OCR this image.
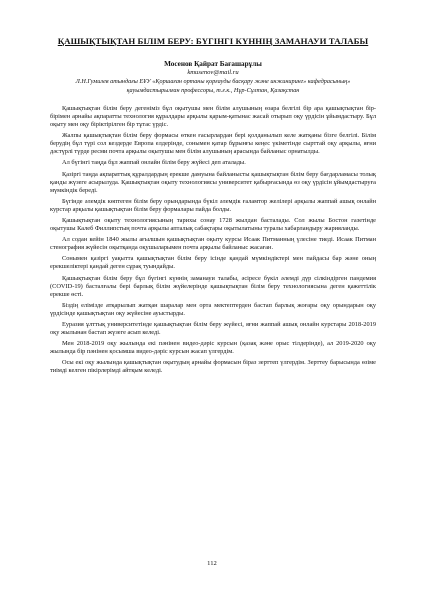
ҚАШЫҚТЫҚТАН БІЛІМ БЕРУ: БҮГІНГІ КҮННІҢ ЗАМАНАУИ ТАЛАБЫ
Мосенов Қайрат Бағашарұлы
kmusenov@mail.ru
Л.Н.Гумилев атындағы ЕҰУ «Қоршаған ортаны қорғауды басқару және инжиниринг» кафедрасының» қауымдастырылған профессоры, т.ғ.к., Нұр-Сұлтан, Қазақстан

Қашықтықтан білім беру дегеніміз бұл оқытушы мен білім алушының өзара белгілі бір ара қашықтықтан бір-бірімен арнайы ақпаратты технология құралдары арқылы қарым-қатынас жасай отырып оқу үрдісін ұйымдастыру. Бұл оқыту мен оқу біріктірілген бір тұтас үрдіс.

Жалпы қашықтықтан білім беру формасы өткен ғасырлардан бері қолданылып келе жатқаны бізге белгілі. Білім берудің бұл түрі сол кездерде Европа елдерінде, сонымен қатар бұрынғы кеңес үкіметінде сырттай оқу арқылы, яғни дәстүрлі түрде ресми почта арқылы оқытушы мен білім алушының арасында байланыс орнатылды.

Ал бүгінгі таңда бұл жаппай онлайн білім беру жүйесі деп аталады.

Қазіргі таңда ақпараттық құралдардың ерекше дамуына байланысты қашықтықтан білім беру бағдарламасы толық қанды жүзеге асырылуда. Қашықтықтан оқыту технологиясы университет қабырғасында өз оқу үрдісін ұйымдастыруға мүмкіндік береді.

Бүгінде әлемдік көптеген білім беру орындарында бүкіл әлемдік ғаламтор желілері арқылы жаппай ашық онлайн курстар арқылы қашықтықтан білім беру формалары пайда болды.

Қашықтықтан оқыту технологиясының тарихы сонау 1728 жылдан басталады. Сол жылы Бостон газетінде оқытушы Калеб Филлипстың почта арқылы апталық сабақтары оқытылатыны туралы хабарландыру жарияланды.

Ал содан кейін 1840 жылы ағылшын қашықтықтан оқыту курсы Исаак Питманның үлесіне тиеді. Исаак Питман стенография жүйесін оқытқанда оқушыларымен почта арқылы байланыс жасаған.

Сонымен қазіргі уақытта қашықтықтан білім беру ісінде қандай мүмкіндіктері мен пайдасы бар және оның ерекшеліктері қандай деген сұрақ туындайды.

Қашықтықтан білім беру бұл бүгінгі күннің заманауи талабы, әсіресе бүкіл әлемді дүр сілкіндірген пандемия (COVID-19) басталғалы бері барлық білім жүйелерінде қашықтықтан білім беру технологиясына деген қажеттілік ерекше өсті.

Біздің елімізде атқарылып жатқан шаралар мен орта мектептерден бастап барлық жоғары оқу орындарын оқу үрдісінде қашықтықтан оқу жүйесіне ауыстырды.

Еуразия ұлттық университетінде қашықтықтан білім беру жүйесі, яғни жаппай ашық онлайн курстары 2018-2019 оқу жылынан бастап жүзеге асып келеді.

Мен 2018-2019 оқу жылында екі пәнінен видео-дәріс курсын (қазақ және орыс тілдерінде), ал 2019-2020 оқу жылында бір пәнінен қосымша видео-дәріс курсын жасап үлгердім.

Осы екі оқу жылында қашықтықтан оқытудың арнайы формасын біраз зерттеп үлгердім. Зерттеу барысында өзіме тиімді келген пікірлерімді айтқым келеді.

112
